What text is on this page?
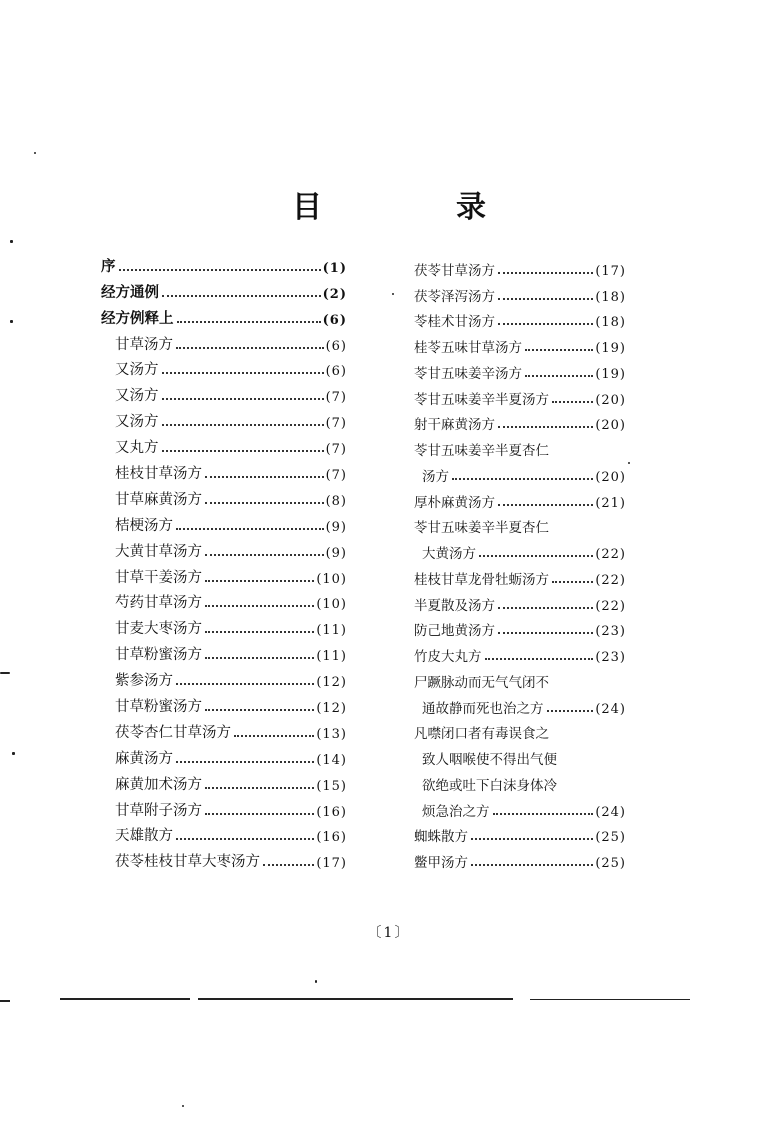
目　录
序	(1)
经方通例	(2)
经方例释上	(6)
甘草汤方	(6)
又汤方	(6)
又汤方	(7)
又汤方	(7)
又丸方	(7)
桂枝甘草汤方	(7)
甘草麻黄汤方	(8)
桔梗汤方	(9)
大黄甘草汤方	(9)
甘草干姜汤方	(10)
芍药甘草汤方	(10)
甘麦大枣汤方	(11)
甘草粉蜜汤方	(11)
紫参汤方	(12)
甘草粉蜜汤方	(12)
茯苓杏仁甘草汤方	(13)
麻黄汤方	(14)
麻黄加术汤方	(15)
甘草附子汤方	(16)
天雄散方	(16)
茯苓桂枝甘草大枣汤方	(17)
茯苓甘草汤方	(17)
茯苓泽泻汤方	(18)
苓桂术甘汤方	(18)
桂苓五味甘草汤方	(19)
苓甘五味姜辛汤方	(19)
苓甘五味姜辛半夏汤方	(20)
射干麻黄汤方	(20)
苓甘五味姜辛半夏杏仁
汤方	(20)
厚朴麻黄汤方	(21)
苓甘五味姜辛半夏杏仁
大黄汤方	(22)
桂枝甘草龙骨牡蛎汤方	(22)
半夏散及汤方	(22)
防己地黄汤方	(23)
竹皮大丸方	(23)
尸蹶脉动而无气气闭不
通故静而死也治之方	(24)
凡噤闭口者有毒误食之
致人咽喉使不得出气便
欲绝或吐下白沫身体冷
烦急治之方	(24)
蜘蛛散方	(25)
鳖甲汤方	(25)
〔1〕
